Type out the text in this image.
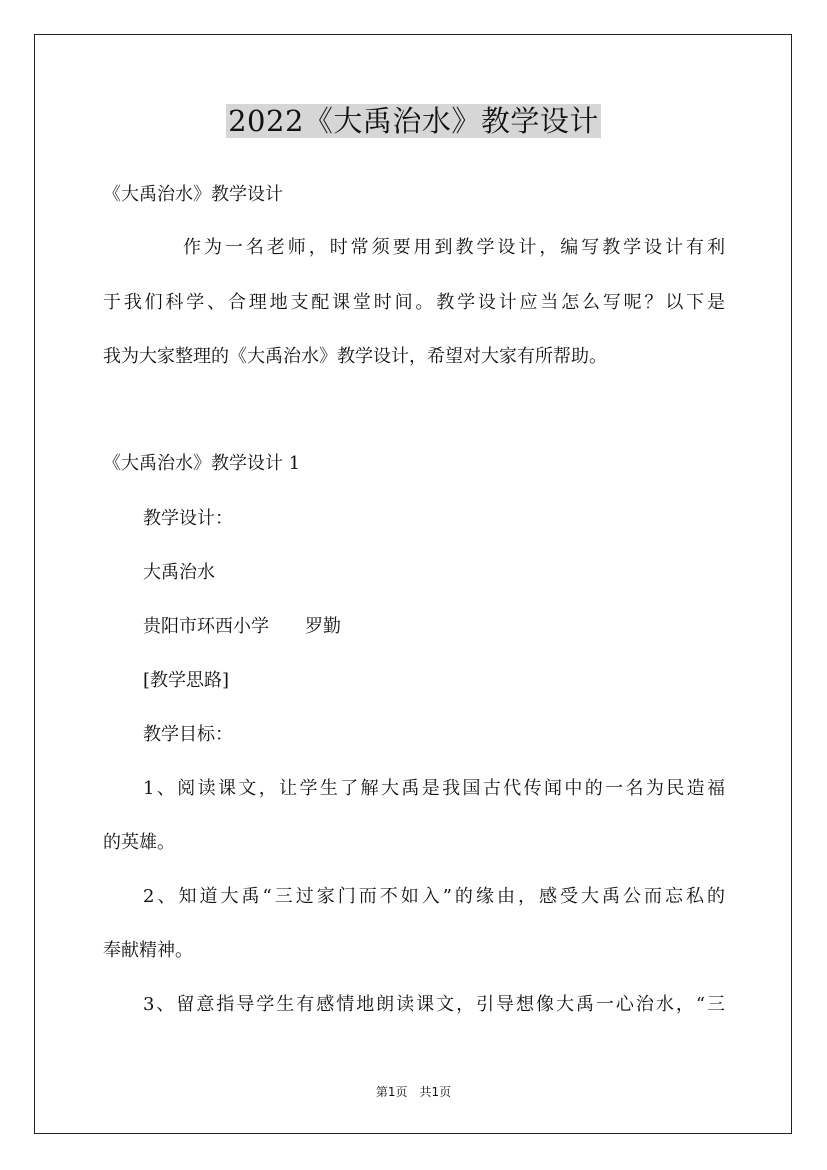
2022《大禹治水》教学设计
《大禹治水》教学设计
作为一名老师，时常须要用到教学设计，编写教学设计有利
于我们科学、合理地支配课堂时间。教学设计应当怎么写呢？以下是
我为大家整理的《大禹治水》教学设计，希望对大家有所帮助。
《大禹治水》教学设计 1
教学设计：
大禹治水
贵阳市环西小学　　罗勤
[教学思路]
教学目标：
1、阅读课文，让学生了解大禹是我国古代传闻中的一名为民造福
的英雄。
2、知道大禹“三过家门而不如入”的缘由，感受大禹公而忘私的
奉献精神。
3、留意指导学生有感情地朗读课文，引导想像大禹一心治水，“三
第1页　共1页
